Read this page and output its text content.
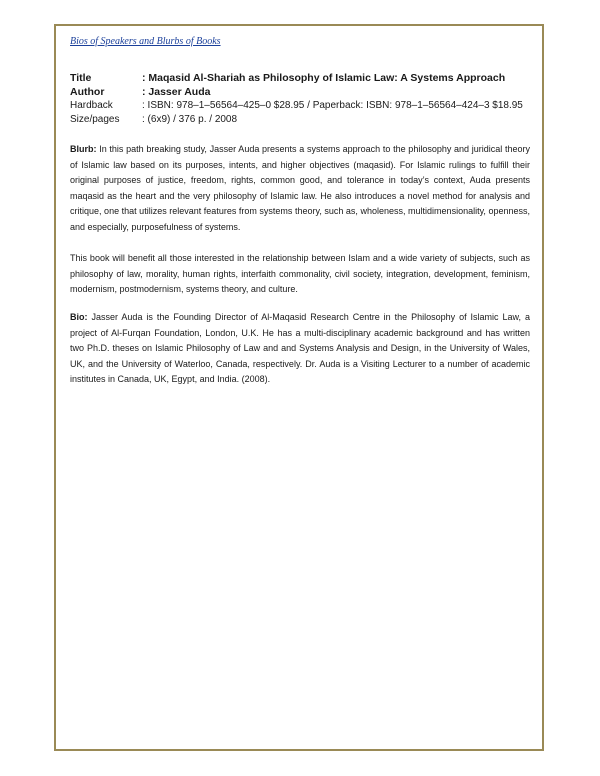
Bios of Speakers and Blurbs of Books
Title	: Maqasid Al-Shariah as Philosophy of Islamic Law: A Systems Approach
Author	: Jasser Auda
Hardback	: ISBN: 978–1–56564–425–0 $28.95 / Paperback: ISBN: 978–1–56564–424–3 $18.95
Size/pages	: (6x9) / 376 p. / 2008

Blurb: In this path breaking study, Jasser Auda presents a systems approach to the philosophy and juridical theory of Islamic law based on its purposes, intents, and higher objectives (maqasid). For Islamic rulings to fulfill their original purposes of justice, freedom, rights, common good, and tolerance in today’s context, Auda presents maqasid as the heart and the very philosophy of Islamic law. He also introduces a novel method for analysis and critique, one that utilizes relevant features from systems theory, such as, wholeness, multidimensionality, openness, and especially, purposefulness of systems.

This book will benefit all those interested in the relationship between Islam and a wide variety of subjects, such as philosophy of law, morality, human rights, interfaith commonality, civil society, integration, development, feminism, modernism, postmodernism, systems theory, and culture.

Bio: Jasser Auda is the Founding Director of Al-Maqasid Research Centre in the Philosophy of Islamic Law, a project of Al-Furqan Foundation, London, U.K. He has a multi-disciplinary academic background and has written two Ph.D. theses on Islamic Philosophy of Law and and Systems Analysis and Design, in the University of Wales, UK, and the University of Waterloo, Canada, respectively. Dr. Auda is a Visiting Lecturer to a number of academic institutes in Canada, UK, Egypt, and India. (2008).
